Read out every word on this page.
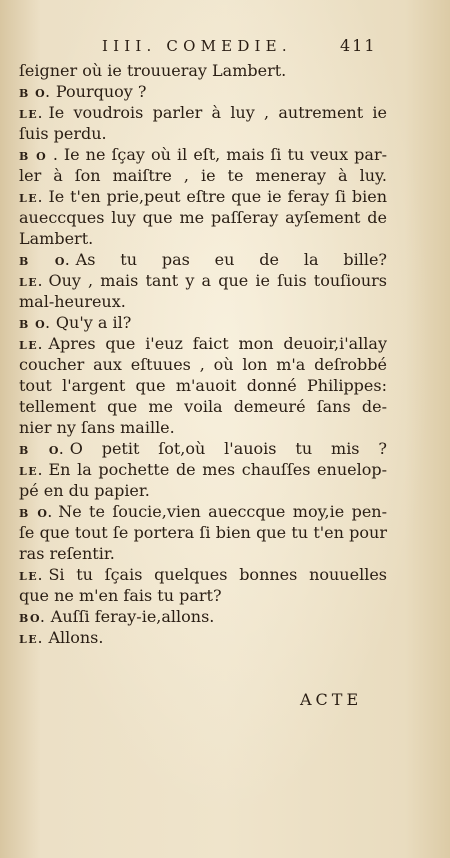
IIII. COMEDIE.	411
ſeigner où ie trouueray Lambert.
B O. Pourquoy ?
LE. Ie voudrois parler à luy , autrement ie
ſuis perdu.
B O . Ie ne ſçay où il eſt, mais ſi tu veux par-
ler à ſon maiſtre , ie te meneray à luy.
LE. Ie t'en prie,peut eſtre que ie feray ſi bien
aueccques luy que me paſſeray ayſement de
Lambert.
B O. As tu pas eu de la bille?
LE. Ouy , mais tant y a que ie ſuis touſiours
mal-heureux.
B O. Qu'y a il?
LE. Apres que i'euz faict mon deuoir,i'allay
coucher aux eſtuues , où lon m'a deſrobbé
tout l'argent que m'auoit donné Philippes:
tellement que me voila demeuré ſans de-
nier ny ſans maille.
B O. O petit ſot,où l'auois tu mis ?
LE. En la pochette de mes chauſſes enuelop-
pé en du papier.
B O. Ne te ſoucie,vien aueccque moy,ie pen-
ſe que tout ſe portera ſi bien que tu t'en pour
ras reſentir.
LE. Si tu ſçais quelques bonnes nouuelles
que ne m'en fais tu part?
BO. Auſſi feray-ie,allons.
LE. Allons.
ACTE
